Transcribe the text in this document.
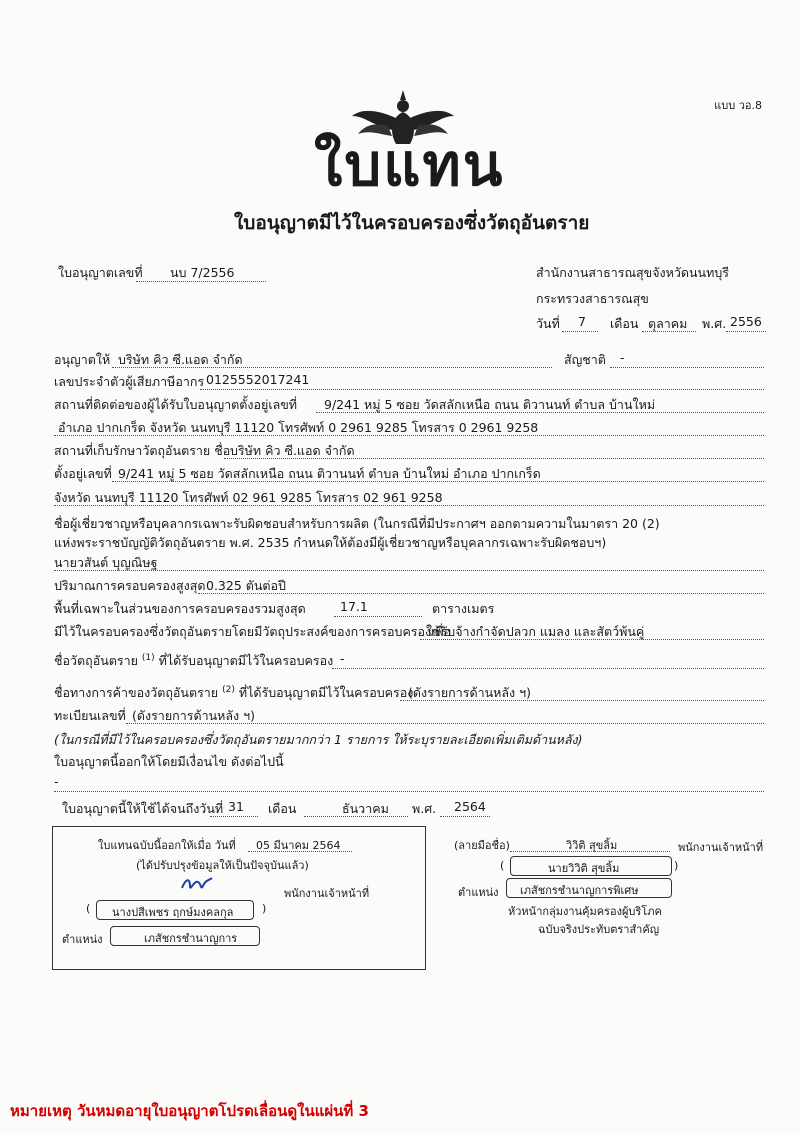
แบบ วอ.8
ใบแทน
ใบอนุญาตมีไว้ในครอบครองซึ่งวัตถุอันตราย
ใบอนุญาตเลขที่ นบ 7/2556	สำนักงานสาธารณสุขจังหวัดนนทบุรี
กระทรวงสาธารณสุข
วันที่ 7 เดือน ตุลาคม พ.ศ. 2556
อนุญาตให้ บริษัท คิว ซี.แอด จำกัด	สัญชาติ -
เลขประจำตัวผู้เสียภาษีอากร 0125552017241
สถานที่ติดต่อของผู้ได้รับใบอนุญาตตั้งอยู่เลขที่ 9/241 หมู่ 5 ซอย วัดสลักเหนือ ถนน ติวานนท์ ตำบล บ้านใหม่
อำเภอ ปากเกร็ด จังหวัด นนทบุรี 11120 โทรศัพท์ 0 2961 9285 โทรสาร 0 2961 9258
สถานที่เก็บรักษาวัตถุอันตราย ชื่อ บริษัท คิว ซี.แอด จำกัด
ตั้งอยู่เลขที่ 9/241 หมู่ 5 ซอย วัดสลักเหนือ ถนน ติวานนท์ ตำบล บ้านใหม่ อำเภอ ปากเกร็ด
จังหวัด นนทบุรี 11120 โทรศัพท์ 02 961 9285 โทรสาร 02 961 9258
ชื่อผู้เชี่ยวชาญหรือบุคลากรเฉพาะรับผิดชอบสำหรับการผลิต (ในกรณีที่มีประกาศฯ ออกตามความในมาตรา 20 (2)
แห่งพระราชบัญญัติวัตถุอันตราย พ.ศ. 2535 กำหนดให้ต้องมีผู้เชี่ยวชาญหรือบุคลากรเฉพาะรับผิดชอบฯ)
นายวสันต์ บุญณิษฐ
ปริมาณการครอบครองสูงสุด 0.325 ตันต่อปี
พื้นที่เฉพาะในส่วนของการครอบครองรวมสูงสุด	17.1	ตารางเมตร
มีไว้ในครอบครองซึ่งวัตถุอันตรายโดยมีวัตถุประสงค์ของการครอบครองเพื่อ
ใช้รับจ้างกำจัดปลวก แมลง และสัตว์พ้นคู่
ชื่อวัตถุอันตราย $^{(1)}$ ที่ได้รับอนุญาตมีไว้ในครอบครอง -
ชื่อทางการค้าของวัตถุอันตราย $^{(2)}$ ที่ได้รับอนุญาตมีไว้ในครอบครอง
(ดังรายการด้านหลัง ฯ)
ทะเบียนเลขที่ (ดังรายการด้านหลัง ฯ)
(ในกรณีที่มีไว้ในครอบครองซึ่งวัตถุอันตรายมากกว่า 1 รายการ ให้ระบุรายละเอียดเพิ่มเติมด้านหลัง)
ใบอนุญาตนี้ออกให้โดยมีเงื่อนไข ดังต่อไปนี้
-
ใบอนุญาตนี้ให้ใช้ได้จนถึงวันที่ 31 เดือน	ธันวาคม พ.ศ. 2564
ใบแทนฉบับนี้ออกให้เมื่อ วันที่ 05 มีนาคม 2564
(ได้ปรับปรุงข้อมูลให้เป็นปัจจุบันแล้ว)
พนักงานเจ้าหน้าที่
( นางปสีเพชร ฤกษ์มงคลกุล	)
ตำแหน่ง	เภสัชกรชำนาญการ
(ลายมือชื่อ)	วิวิติ สุขลิ้ม	พนักงานเจ้าหน้าที่
(	นายวิวิติ สุขลิ้ม	)
ตำแหน่ง เภสัชกรชำนาญการพิเศษ
หัวหน้ากลุ่มงานคุ้มครองผู้บริโภค
ฉบับจริงประทับตราสำคัญ
หมายเหตุ วันหมดอายุใบอนุญาตโปรดเลื่อนดูในแผ่นที่ 3
